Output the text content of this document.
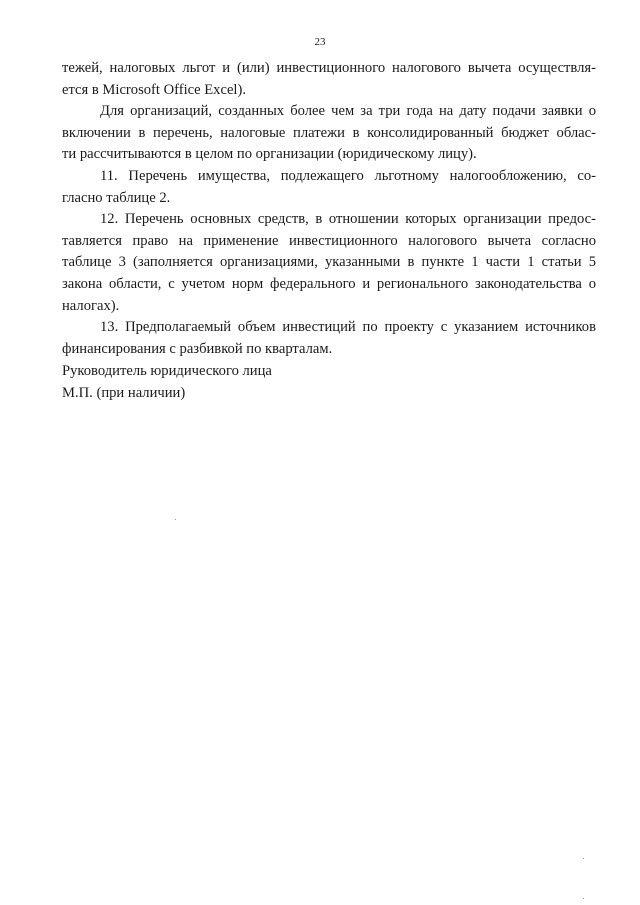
23

тежей, налоговых льгот и (или) инвестиционного налогового вычета осуществля-
ется в Microsoft Office Excel).

Для организаций, созданных более чем за три года на дату подачи заявки о
включении в перечень, налоговые платежи в консолидированный бюджет облас-
ти рассчитываются в целом по организации (юридическому лицу).

11. Перечень имущества, подлежащего льготному налогообложению, со-
гласно таблице 2.

12. Перечень основных средств, в отношении которых организации предос-
тавляется право на применение инвестиционного налогового вычета согласно
таблице 3 (заполняется организациями, указанными в пункте 1 части 1 статьи 5
закона области, с учетом норм федерального и регионального законодательства о
налогах).

13. Предполагаемый объем инвестиций по проекту с указанием источников
финансирования с разбивкой по кварталам.

Руководитель юридического лица
М.П. (при наличии)
